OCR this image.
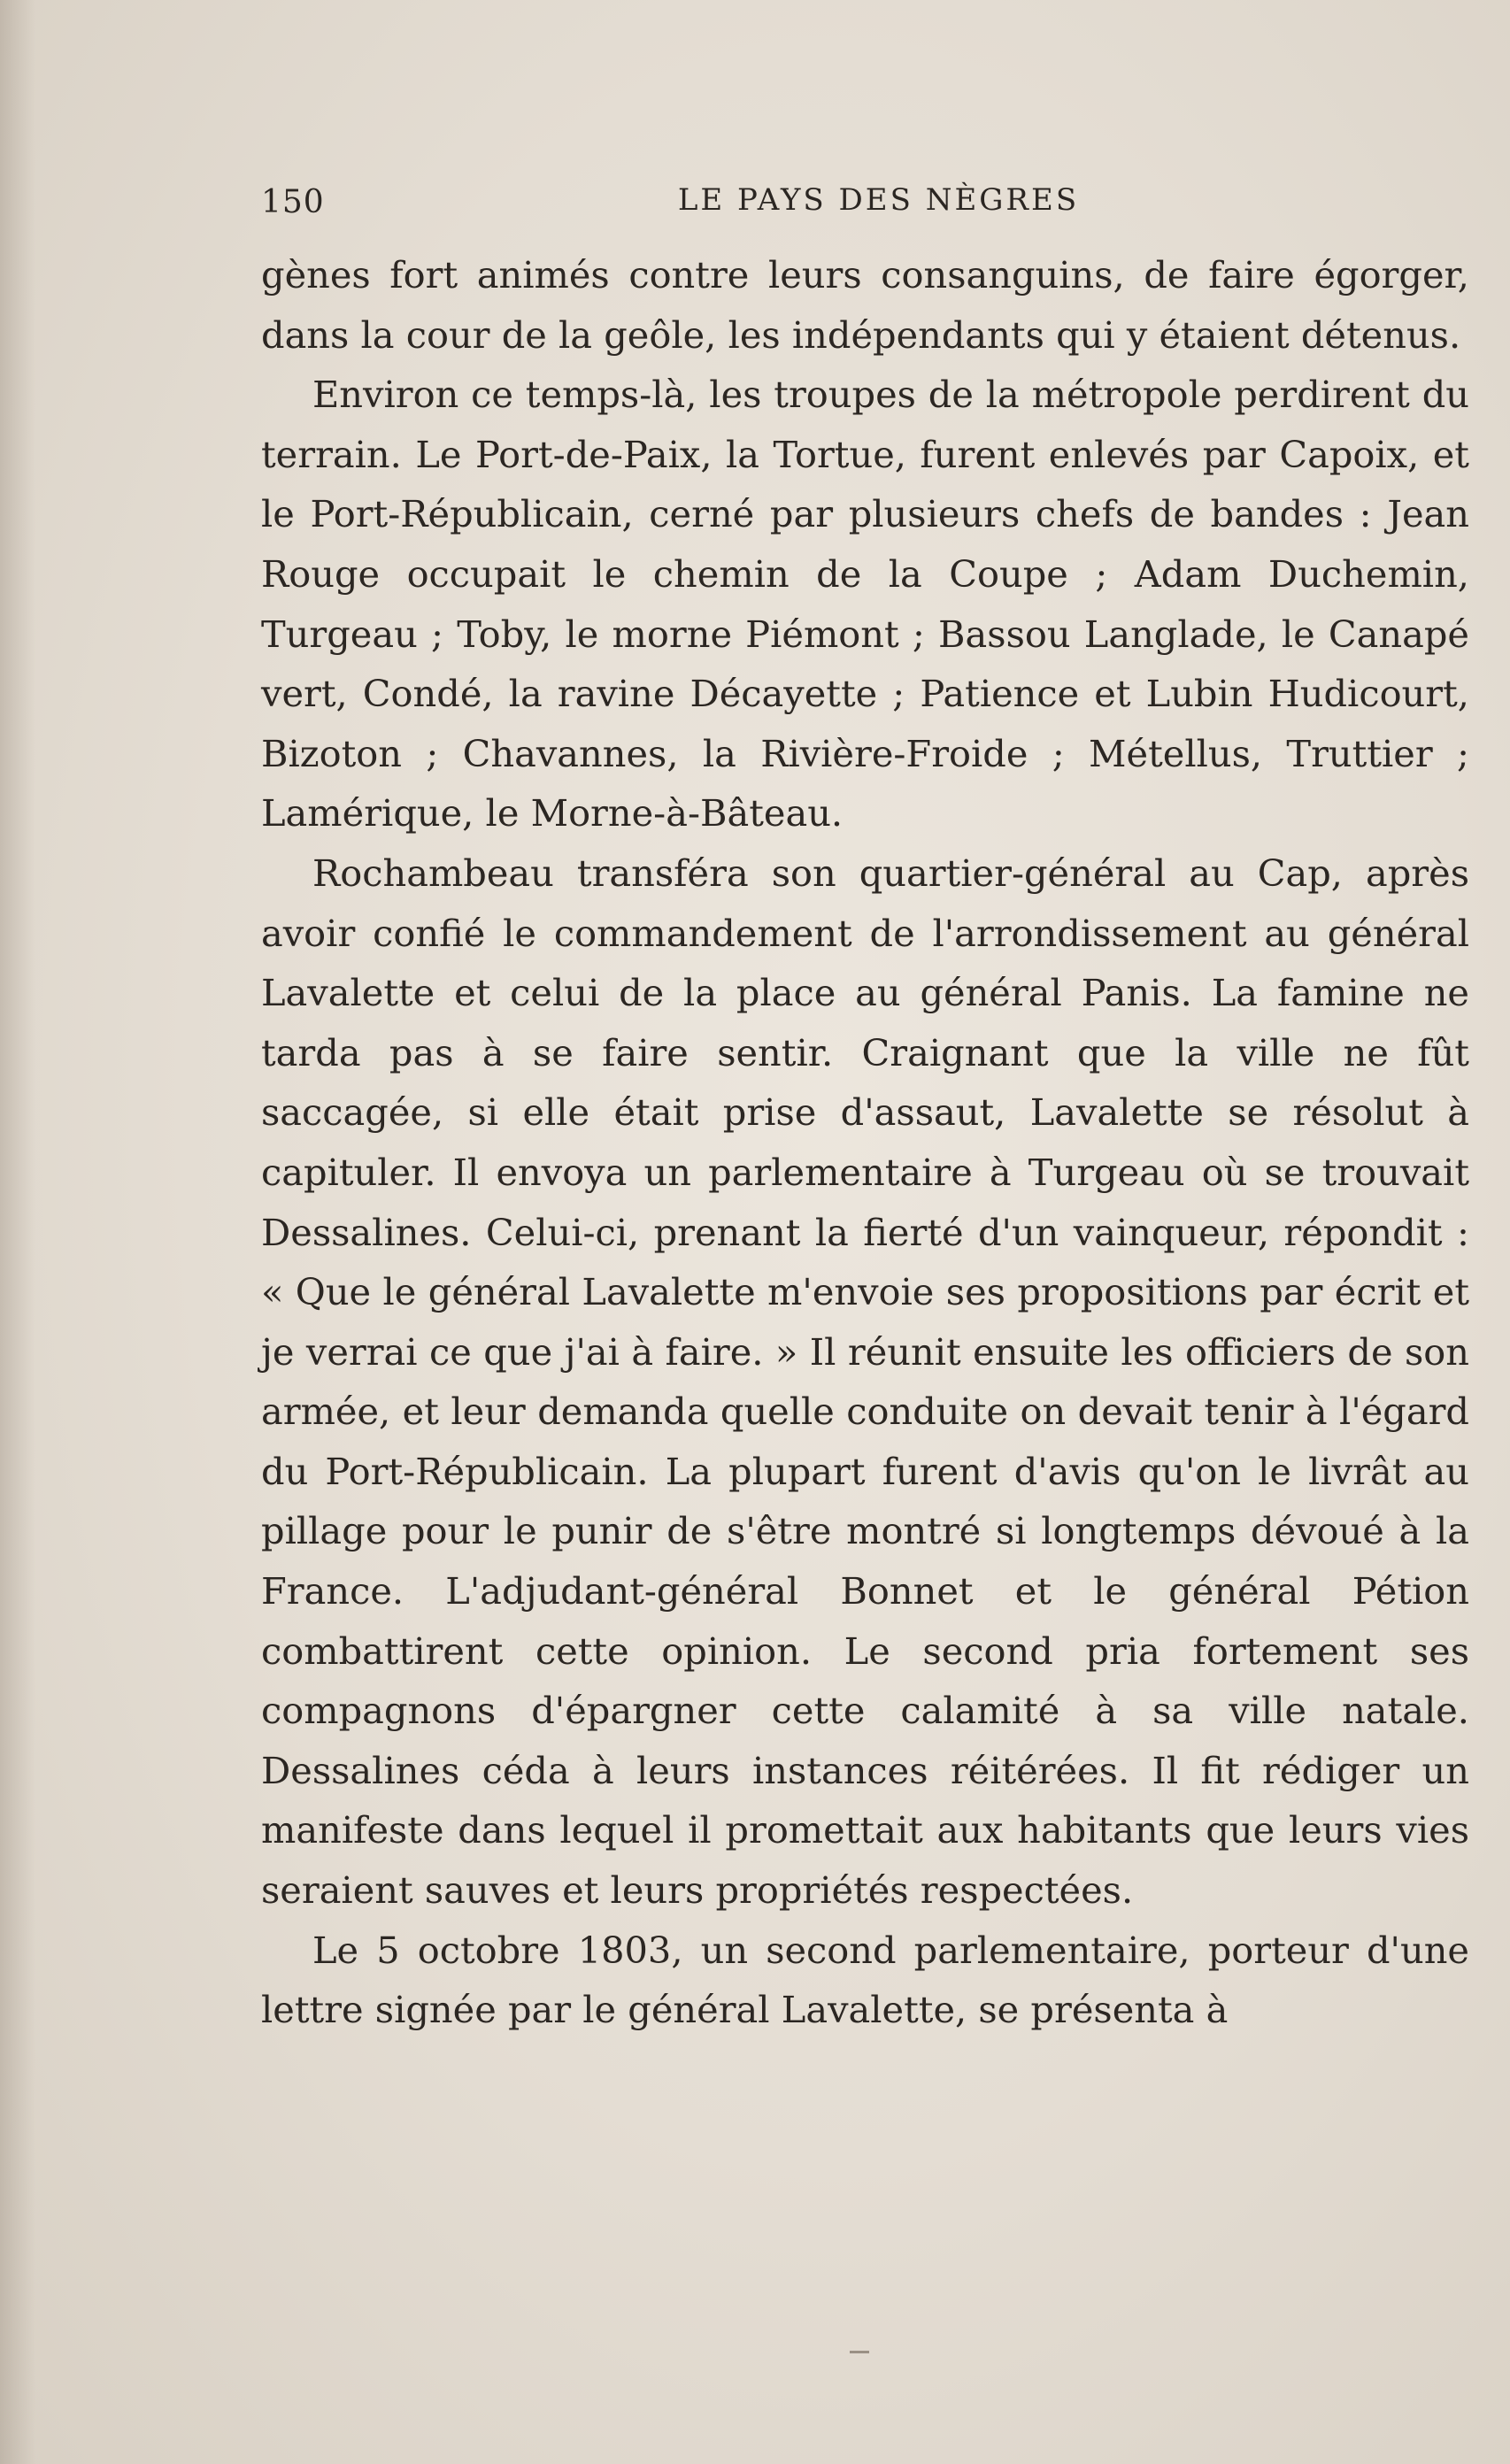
150	LE PAYS DES NÈGRES

gènes fort animés contre leurs consanguins, de faire égorger, dans la cour de la geôle, les indépendants qui y étaient détenus.

Environ ce temps-là, les troupes de la métropole perdirent du terrain. Le Port-de-Paix, la Tortue, furent enlevés par Capoix, et le Port-Républicain, cerné par plusieurs chefs de bandes : Jean Rouge occupait le chemin de la Coupe ; Adam Duchemin, Turgeau ; Toby, le morne Piémont ; Bassou Langlade, le Canapé vert, Condé, la ravine Décayette ; Patience et Lubin Hudicourt, Bizoton ; Chavannes, la Rivière-Froide ; Métellus, Truttier ; Lamérique, le Morne-à-Bâteau.

Rochambeau transféra son quartier-général au Cap, après avoir confié le commandement de l'arrondissement au général Lavalette et celui de la place au général Panis. La famine ne tarda pas à se faire sentir. Craignant que la ville ne fût saccagée, si elle était prise d'assaut, Lavalette se résolut à capituler. Il envoya un parlementaire à Turgeau où se trouvait Dessalines. Celui-ci, prenant la fierté d'un vainqueur, répondit : « Que le général Lavalette m'envoie ses propositions par écrit et je verrai ce que j'ai à faire. » Il réunit ensuite les officiers de son armée, et leur demanda quelle conduite on devait tenir à l'égard du Port-Républicain. La plupart furent d'avis qu'on le livrât au pillage pour le punir de s'être montré si longtemps dévoué à la France. L'adjudant-général Bonnet et le général Pétion combattirent cette opinion. Le second pria fortement ses compagnons d'épargner cette calamité à sa ville natale. Dessalines céda à leurs instances réitérées. Il fit rédiger un manifeste dans lequel il promettait aux habitants que leurs vies seraient sauves et leurs propriétés respectées.

Le 5 octobre 1803, un second parlementaire, porteur d'une lettre signée par le général Lavalette, se présenta à
